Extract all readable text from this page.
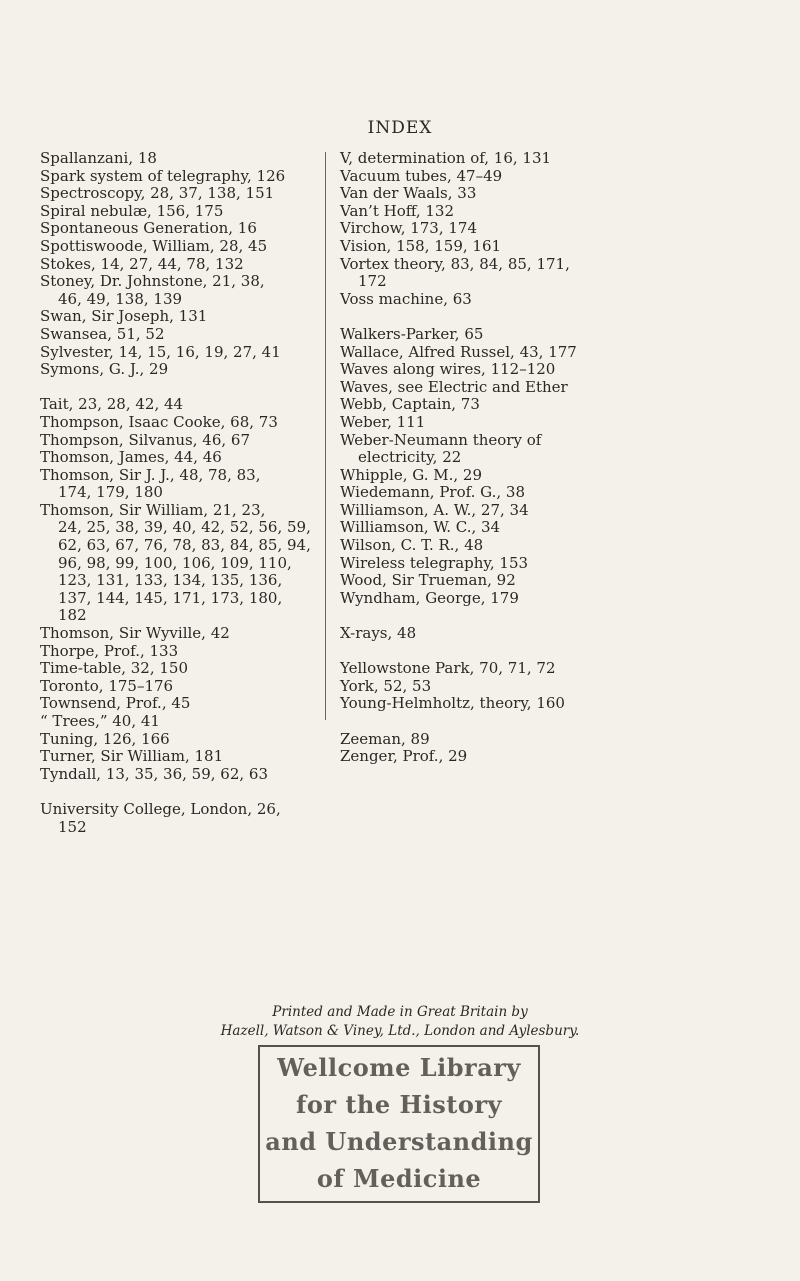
INDEX
Spallanzani, 18
Spark system of telegraphy, 126
Spectroscopy, 28, 37, 138, 151
Spiral nebulæ, 156, 175
Spontaneous Generation, 16
Spottiswoode, William, 28, 45
Stokes, 14, 27, 44, 78, 132
Stoney, Dr. Johnstone, 21, 38,
46, 49, 138, 139
Swan, Sir Joseph, 131
Swansea, 51, 52
Sylvester, 14, 15, 16, 19, 27, 41
Symons, G. J., 29
Tait, 23, 28, 42, 44
Thompson, Isaac Cooke, 68, 73
Thompson, Silvanus, 46, 67
Thomson, James, 44, 46
Thomson, Sir J. J., 48, 78, 83,
174, 179, 180
Thomson, Sir William, 21, 23,
24, 25, 38, 39, 40, 42, 52, 56, 59, 62, 63, 67, 76, 78, 83, 84, 85, 94, 96, 98, 99, 100, 106, 109, 110, 123, 131, 133, 134, 135, 136, 137, 144, 145, 171, 173, 180, 182
Thomson, Sir Wyville, 42
Thorpe, Prof., 133
Time-table, 32, 150
Toronto, 175–176
Townsend, Prof., 45
“ Trees,” 40, 41
Tuning, 126, 166
Turner, Sir William, 181
Tyndall, 13, 35, 36, 59, 62, 63
University College, London, 26,
152
V, determination of, 16, 131
Vacuum tubes, 47–49
Van der Waals, 33
Van’t Hoff, 132
Virchow, 173, 174
Vision, 158, 159, 161
Vortex theory, 83, 84, 85, 171,
172
Voss machine, 63
Walkers-Parker, 65
Wallace, Alfred Russel, 43, 177
Waves along wires, 112–120
Waves, see Electric and Ether
Webb, Captain, 73
Weber, 111
Weber-Neumann theory of
electricity, 22
Whipple, G. M., 29
Wiedemann, Prof. G., 38
Williamson, A. W., 27, 34
Williamson, W. C., 34
Wilson, C. T. R., 48
Wireless telegraphy, 153
Wood, Sir Trueman, 92
Wyndham, George, 179
X-rays, 48
Yellowstone Park, 70, 71, 72
York, 52, 53
Young-Helmholtz, theory, 160
Zeeman, 89
Zenger, Prof., 29
Printed and Made in Great Britain by
Hazell, Watson & Viney, Ltd., London and Aylesbury.
Wellcome Library
for the History
and Understanding
of Medicine
